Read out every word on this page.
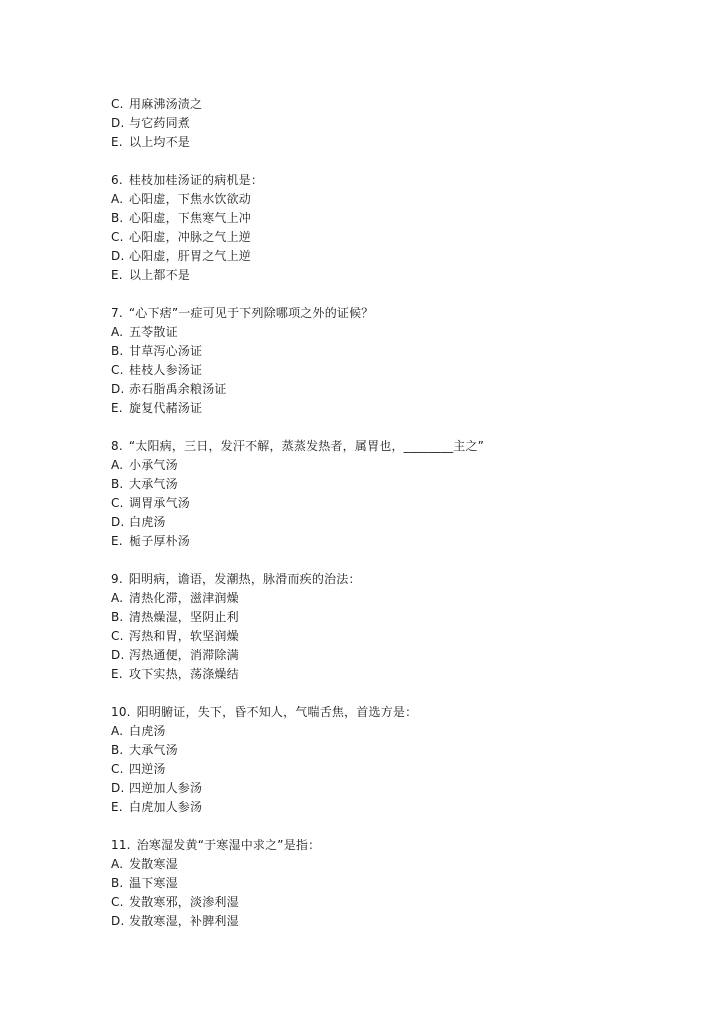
C. 用麻沸汤渍之
D. 与它药同煮
E. 以上均不是
6. 桂枝加桂汤证的病机是：
A. 心阳虚，下焦水饮欲动
B. 心阳虚，下焦寒气上冲
C. 心阳虚，冲脉之气上逆
D. 心阳虚，肝胃之气上逆
E. 以上都不是
7. “心下痞”一症可见于下列除哪项之外的证候？
A. 五苓散证
B. 甘草泻心汤证
C. 桂枝人参汤证
D. 赤石脂禹余粮汤证
E. 旋复代赭汤证
8. “太阳病，三日，发汗不解，蒸蒸发热者，属胃也，________主之”
A. 小承气汤
B. 大承气汤
C. 调胃承气汤
D. 白虎汤
E. 栀子厚朴汤
9. 阳明病，谵语，发潮热，脉滑而疾的治法：
A. 清热化滞，滋津润燥
B. 清热燥湿，坚阴止利
C. 泻热和胃，软坚润燥
D. 泻热通便，消滞除满
E. 攻下实热，荡涤燥结
10. 阳明腑证，失下，昏不知人，气喘舌焦，首选方是：
A. 白虎汤
B. 大承气汤
C. 四逆汤
D. 四逆加人参汤
E. 白虎加人参汤
11. 治寒湿发黄“于寒湿中求之”是指：
A. 发散寒湿
B. 温下寒湿
C. 发散寒邪，淡渗利湿
D. 发散寒湿，补脾利湿
